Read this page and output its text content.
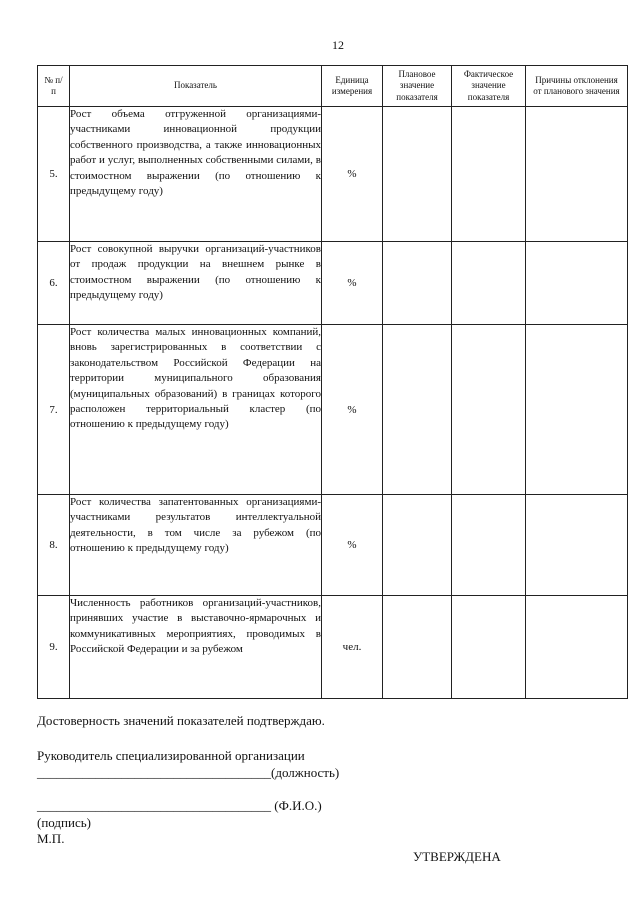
12
№ п/п	Показатель	Единица измерения	Плановое значение показателя	Фактическое значение показателя	Причины отклонения от планового значения
5.	Рост объема отгруженной организациями-участниками инновационной продукции собственного производства, а также инновационных работ и услуг, выполненных собственными силами, в стоимостном выражении (по отношению к предыдущему году)	%			
6.	Рост совокупной выручки организаций-участников от продаж продукции на внешнем рынке в стоимостном выражении (по отношению к предыдущему году)	%			
7.	Рост количества малых инновационных компаний, вновь зарегистрированных в соответствии с законодательством Российской Федерации на территории муниципального образования (муниципальных образований) в границах которого расположен территориальный кластер (по отношению к предыдущему году)	%			
8.	Рост количества запатентованных организациями-участниками результатов интеллектуальной деятельности, в том числе за рубежом (по отношению к предыдущему году)	%			
9.	Численность работников организаций-участников, принявших участие в выставочно-ярмарочных и коммуникативных мероприятиях, проводимых в Российской Федерации и за рубежом	чел.			
Достоверность значений показателей подтверждаю.
Руководитель специализированной организации
____________________________________(должность)
____________________________________ (Ф.И.О.)
(подпись)
М.П.
УТВЕРЖДЕНА
